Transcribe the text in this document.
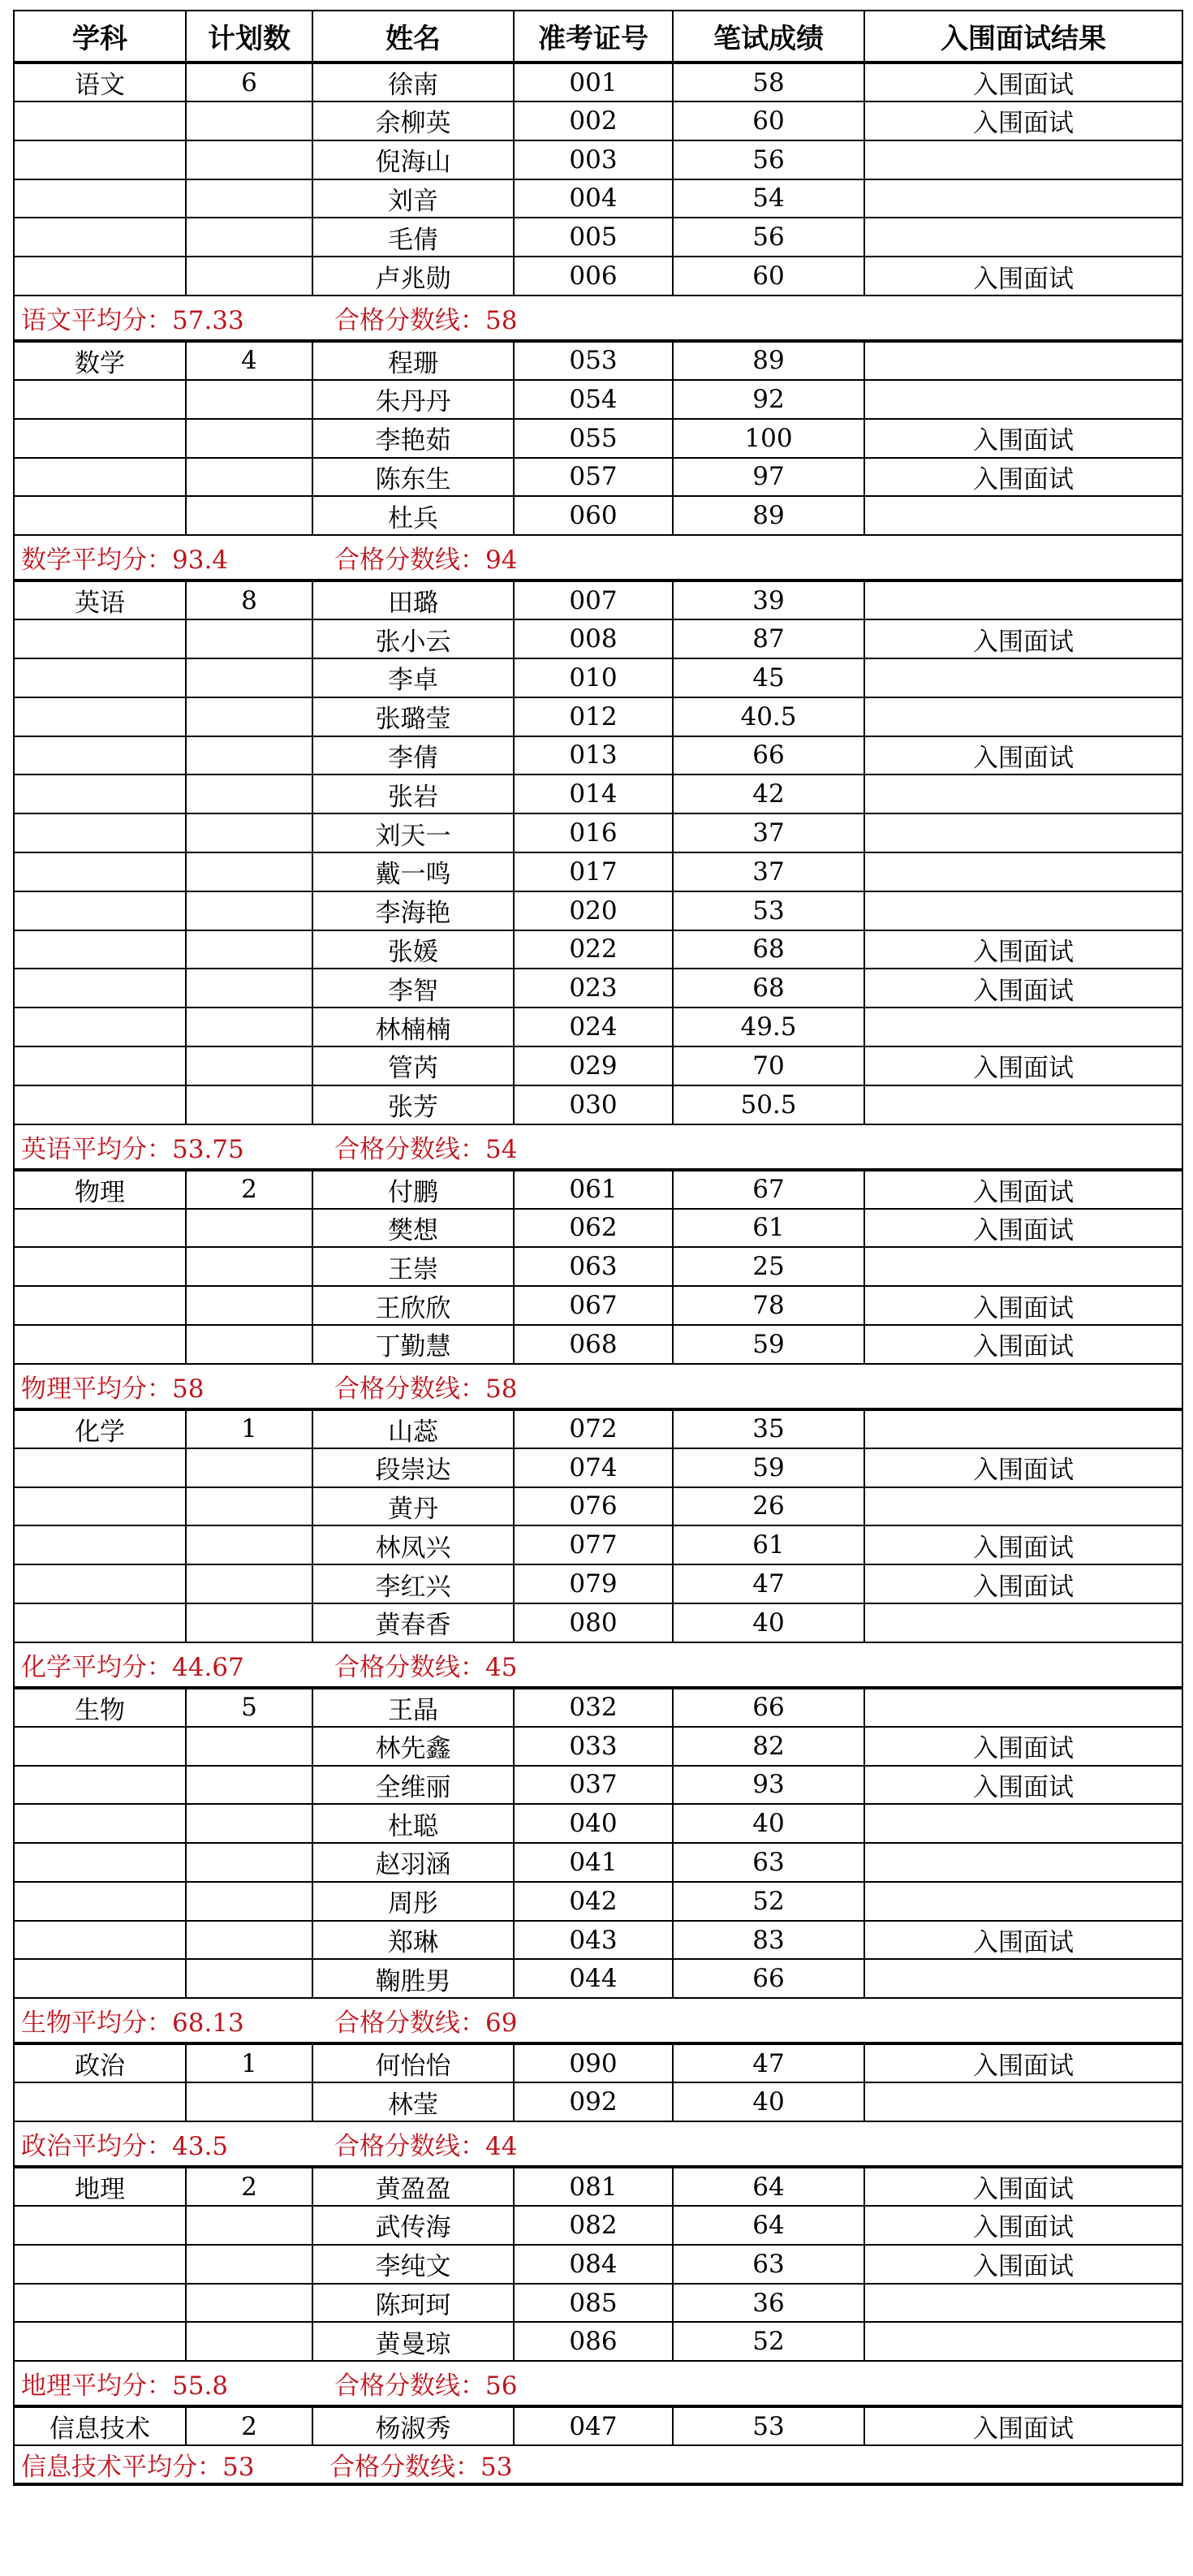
学科	计划数	姓名	准考证号	笔试成绩	入围面试结果
语文	6	徐南	001	58	入围面试
		余柳英	002	60	入围面试
		倪海山	003	56	
		刘音	004	54	
		毛倩	005	56	
		卢兆勋	006	60	入围面试
语文平均分：57.33 合格分数线：58					
数学	4	程珊	053	89	
		朱丹丹	054	92	
		李艳茹	055	100	入围面试
		陈东生	057	97	入围面试
		杜兵	060	89	
数学平均分：93.4 合格分数线：94					
英语	8	田璐	007	39	
		张小云	008	87	入围面试
		李卓	010	45	
		张璐莹	012	40.5	
		李倩	013	66	入围面试
		张岩	014	42	
		刘天一	016	37	
		戴一鸣	017	37	
		李海艳	020	53	
		张媛	022	68	入围面试
		李智	023	68	入围面试
		林楠楠	024	49.5	
		管芮	029	70	入围面试
		张芳	030	50.5	
英语平均分：53.75 合格分数线：54					
物理	2	付鹏	061	67	入围面试
		樊想	062	61	入围面试
		王崇	063	25	
		王欣欣	067	78	入围面试
		丁勤慧	068	59	入围面试
物理平均分：58 合格分数线：58					
化学	1	山蕊	072	35	
		段崇达	074	59	入围面试
		黄丹	076	26	
		林凤兴	077	61	入围面试
		李红兴	079	47	入围面试
		黄春香	080	40	
化学平均分：44.67 合格分数线：45					
生物	5	王晶	032	66	
		林先鑫	033	82	入围面试
		全维丽	037	93	入围面试
		杜聪	040	40	
		赵羽涵	041	63	
		周彤	042	52	
		郑琳	043	83	入围面试
		鞠胜男	044	66	
生物平均分：68.13 合格分数线：69					
政治	1	何怡怡	090	47	入围面试
		林莹	092	40	
政治平均分：43.5 合格分数线：44					
地理	2	黄盈盈	081	64	入围面试
		武传海	082	64	入围面试
		李纯文	084	63	入围面试
		陈珂珂	085	36	
		黄曼琼	086	52	
地理平均分：55.8 合格分数线：56					
信息技术	2	杨淑秀	047	53	入围面试
信息技术平均分：53 合格分数线：53					
